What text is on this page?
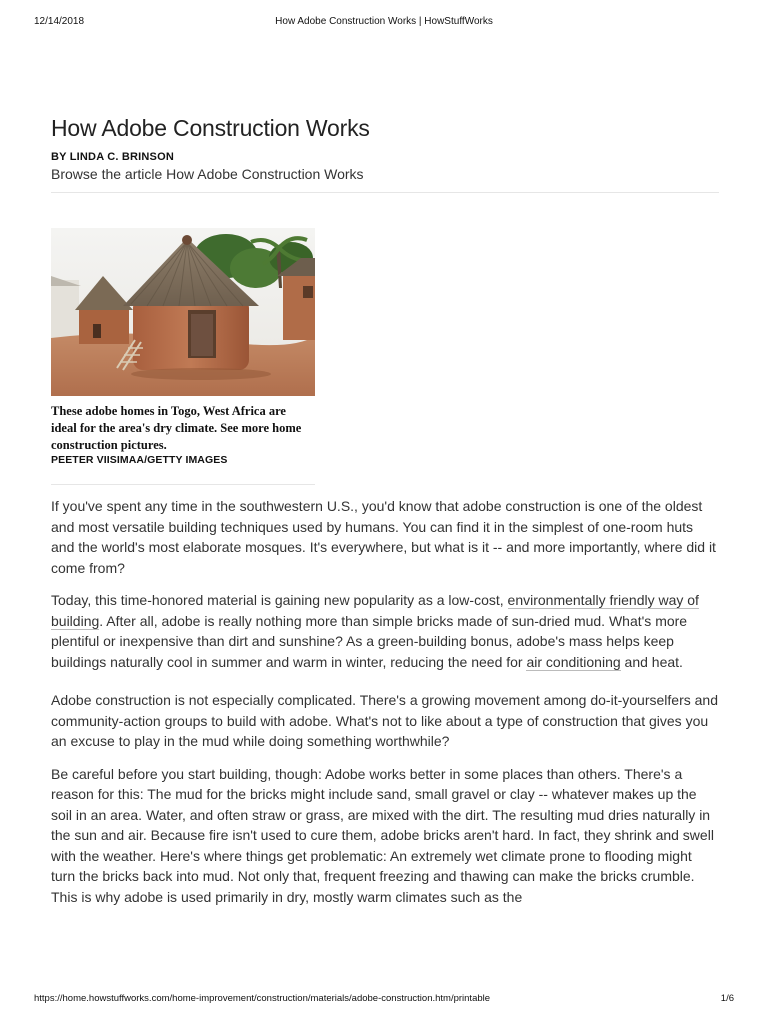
12/14/2018	How Adobe Construction Works | HowStuffWorks
How Adobe Construction Works
BY LINDA C. BRINSON
Browse the article How Adobe Construction Works
These adobe homes in Togo, West Africa are ideal for the area's dry climate. See more home construction pictures.
PEETER VIISIMAA/GETTY IMAGES

If you've spent any time in the southwestern U.S., you'd know that adobe construction is one of the oldest and most versatile building techniques used by humans. You can find it in the simplest of one-room huts and the world's most elaborate mosques. It's everywhere, but what is it -- and more importantly, where did it come from?

Today, this time-honored material is gaining new popularity as a low-cost, environmentally friendly way of building. After all, adobe is really nothing more than simple bricks made of sun-dried mud. What's more plentiful or inexpensive than dirt and sunshine? As a green-building bonus, adobe's mass helps keep buildings naturally cool in summer and warm in winter, reducing the need for air conditioning and heat.

Adobe construction is not especially complicated. There's a growing movement among do-it-yourselfers and community-action groups to build with adobe. What's not to like about a type of construction that gives you an excuse to play in the mud while doing something worthwhile?

Be careful before you start building, though: Adobe works better in some places than others. There's a reason for this: The mud for the bricks might include sand, small gravel or clay -- whatever makes up the soil in an area. Water, and often straw or grass, are mixed with the dirt. The resulting mud dries naturally in the sun and air. Because fire isn't used to cure them, adobe bricks aren't hard. In fact, they shrink and swell with the weather. Here's where things get problematic: An extremely wet climate prone to flooding might turn the bricks back into mud. Not only that, frequent freezing and thawing can make the bricks crumble. This is why adobe is used primarily in dry, mostly warm climates such as the

https://home.howstuffworks.com/home-improvement/construction/materials/adobe-construction.htm/printable	1/6
